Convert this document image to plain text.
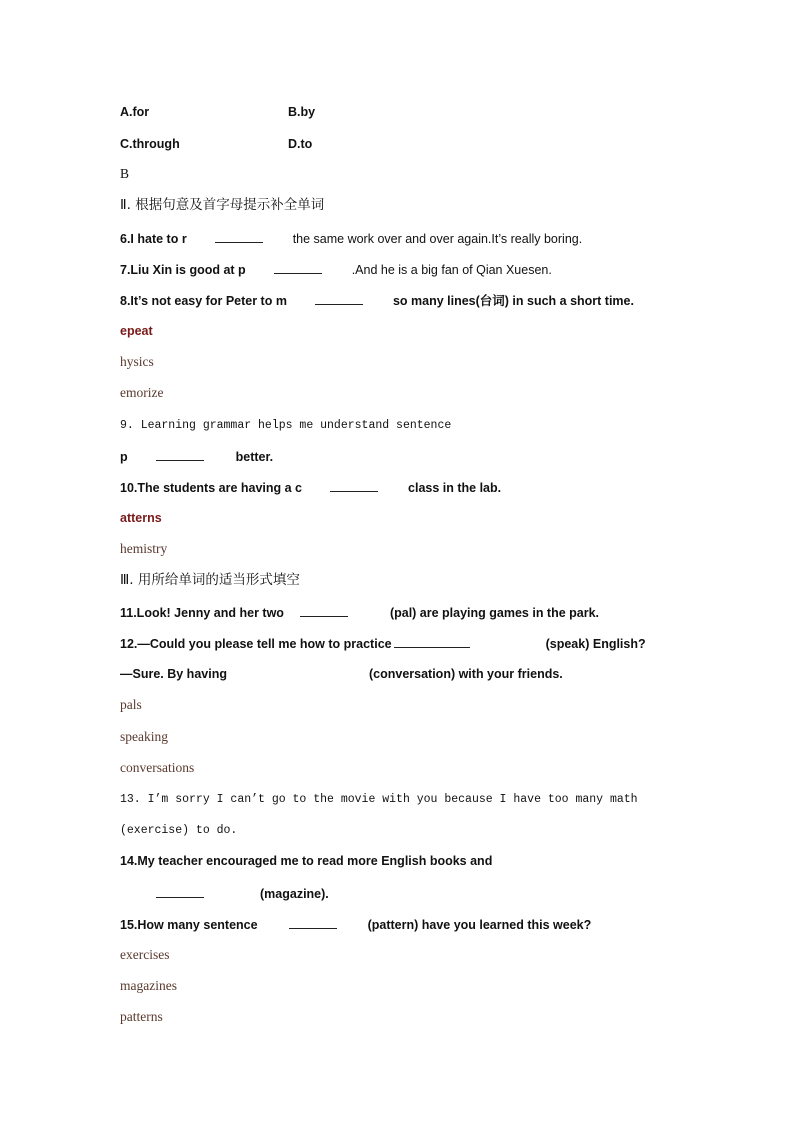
A.for	B.by
C.through	D.to
B
Ⅱ. 根据句意及首字母提示补全单词
6.I hate to r	the same work over and over again.It’s really boring.
7.Liu Xin is good at p	.And he is a big fan of Qian Xuesen.
8.It’s not easy for Peter to m	so many lines(台词) in such a short time.
epeat
hysics
emorize
9. Learning grammar helps me understand sentence
p	better.
10.The students are having a c	class in the lab.
atterns
hemistry
Ⅲ. 用所给单词的适当形式填空
11.Look! Jenny and her two	(pal) are playing games in the park.
12.—Could you please tell me how to practice	(speak) English?
—Sure. By having	(conversation) with your friends.
pals
speaking
conversations
13. I’m sorry I can’t go to the movie with you because I have too many math
(exercise) to do.
14.My teacher encouraged me to read more English books and
(magazine).
15.How many sentence	(pattern) have you learned this week?
exercises
magazines
patterns
